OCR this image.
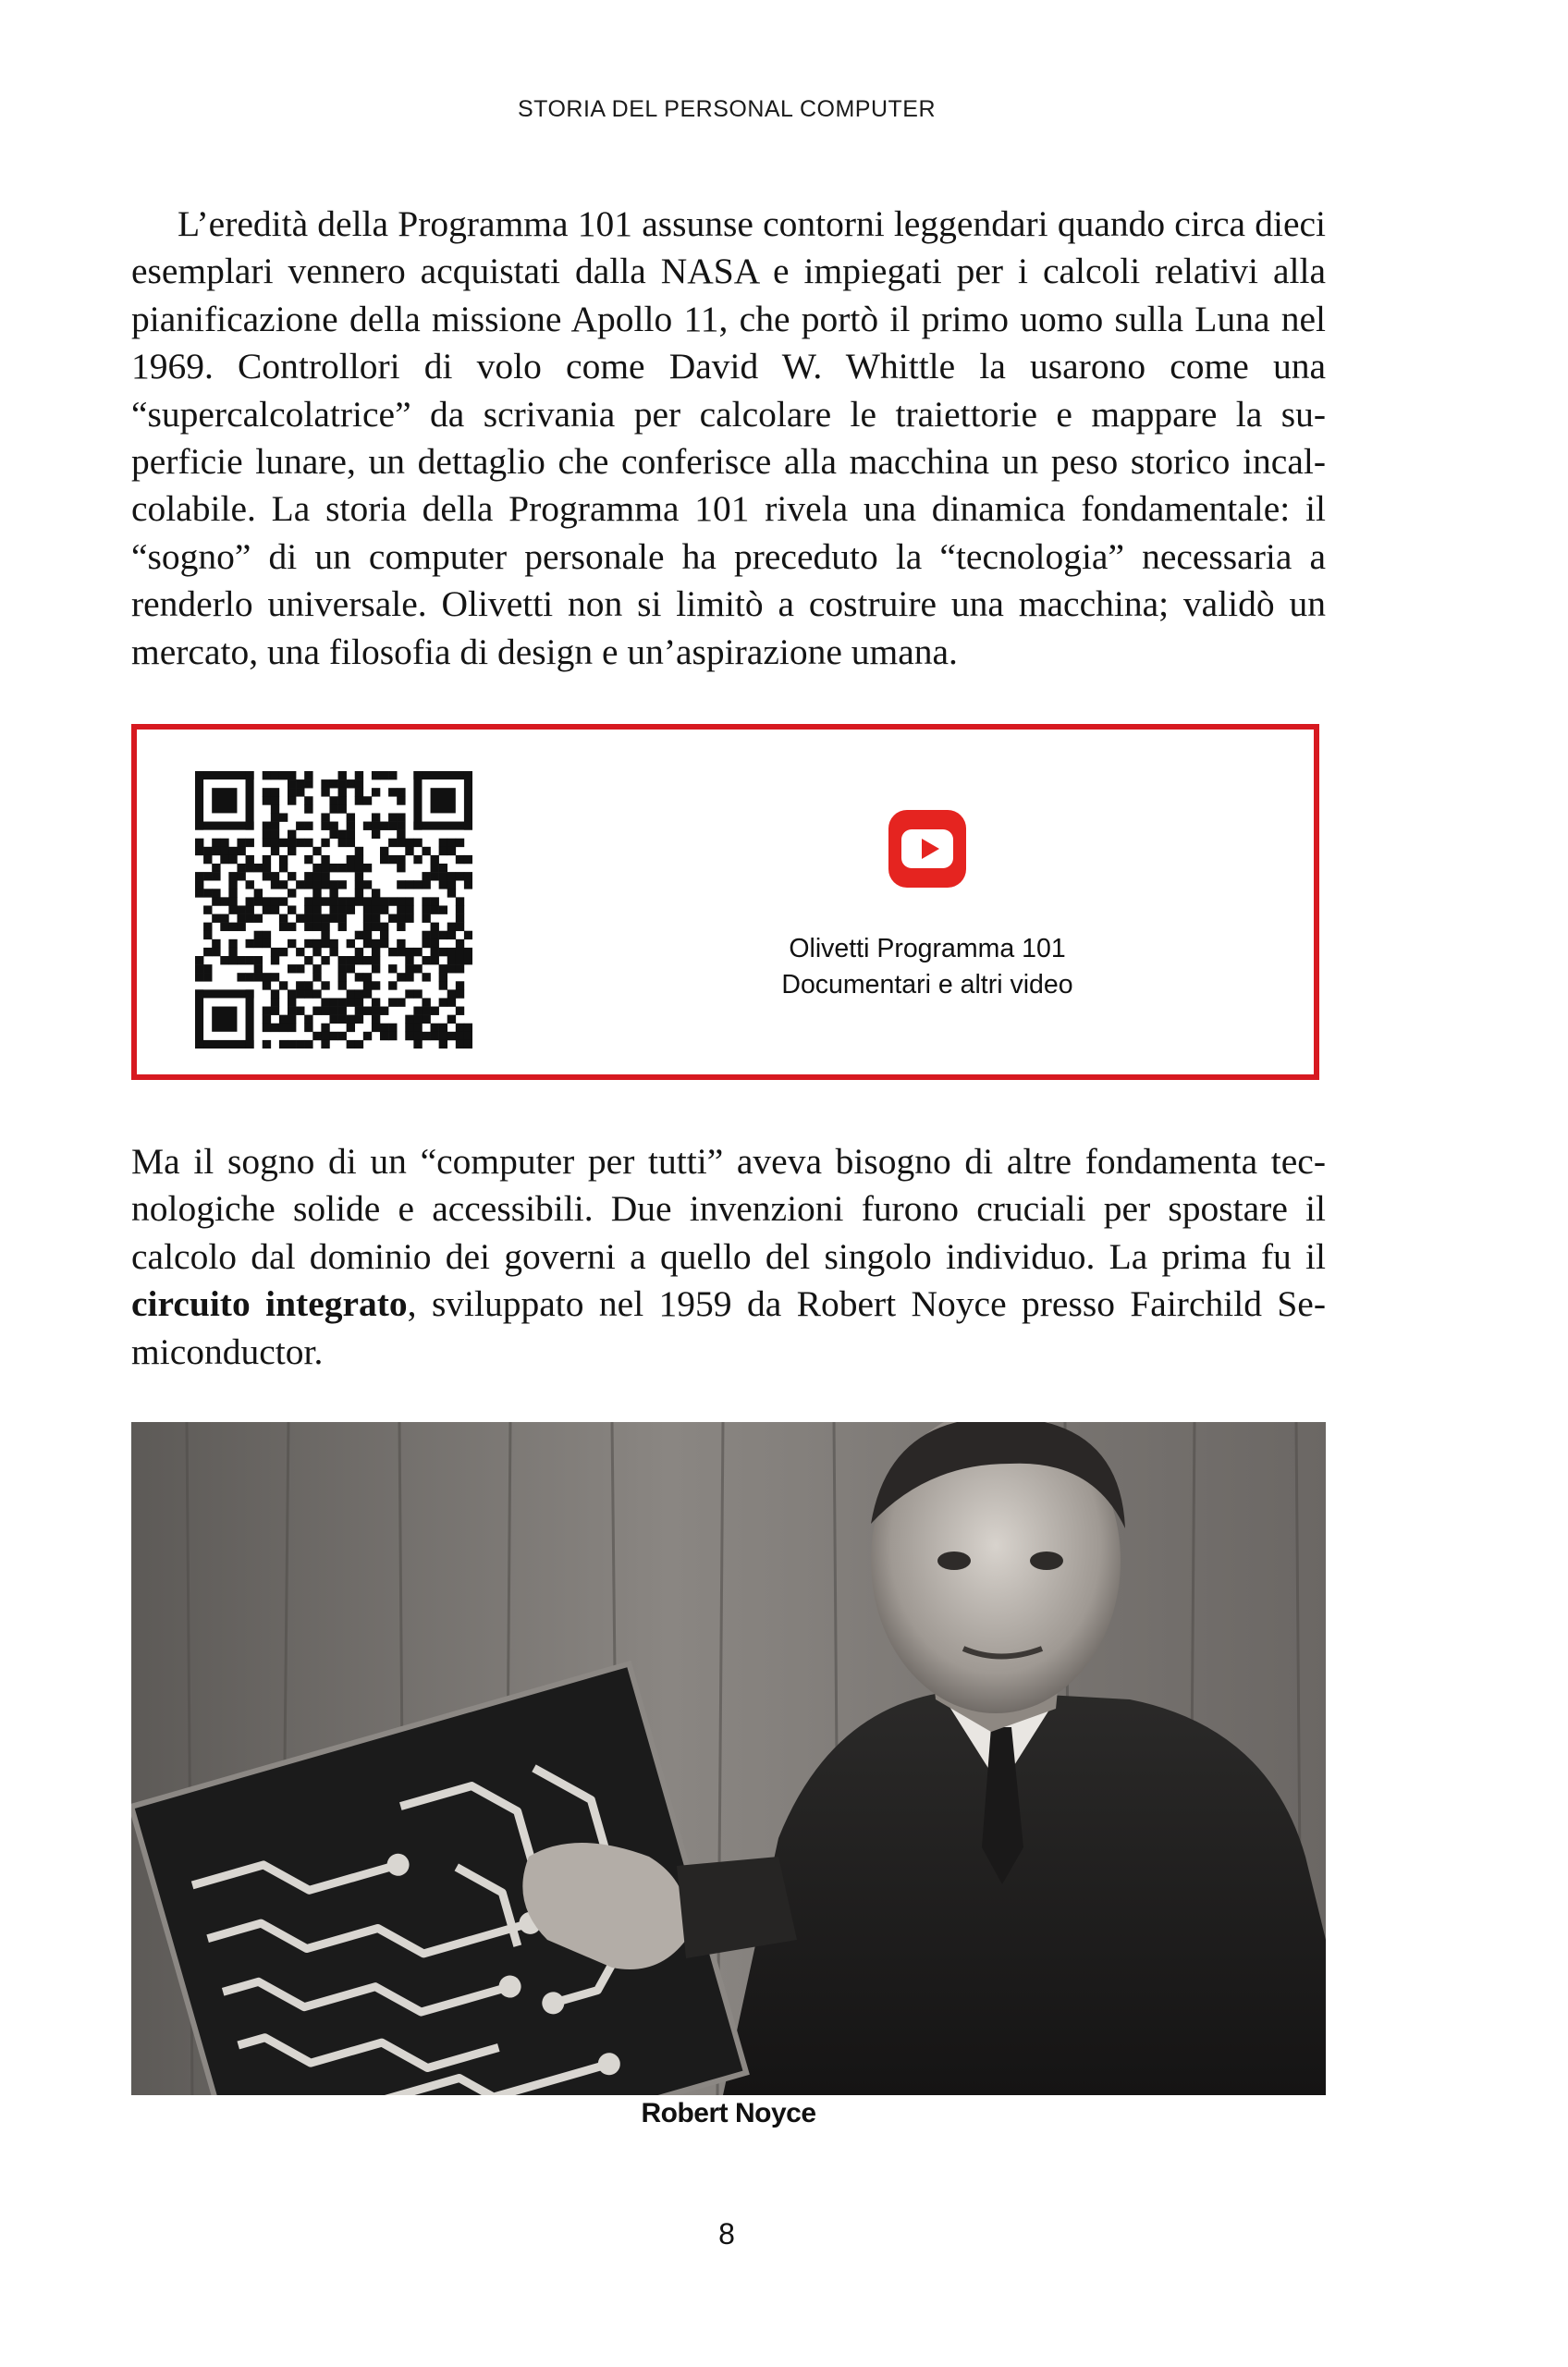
STORIA DEL PERSONAL COMPUTER

L’eredità della Programma 101 assunse contorni leggendari quando circa dieci esemplari vennero acquistati dalla NASA e impiegati per i calcoli relativi alla pianificazione della missione Apollo 11, che portò il primo uomo sulla Luna nel 1969. Controllori di volo come David W. Whittle la usarono come una “supercalcolatrice” da scrivania per calcolare le traiettorie e mappare la superficie lunare, un dettaglio che conferisce alla macchina un peso storico incalcolabile. La storia della Programma 101 rivela una dinamica fondamentale: il “sogno” di un computer personale ha preceduto la “tecnologia” necessaria a renderlo universale. Olivetti non si limitò a costruire una macchina; validò un mercato, una filosofia di design e un’aspirazione umana.

Olivetti Programma 101
Documentari e altri video

Ma il sogno di un “computer per tutti” aveva bisogno di altre fondamenta tecnologiche solide e accessibili. Due invenzioni furono cruciali per spostare il calcolo dal dominio dei governi a quello del singolo individuo. La prima fu il circuito integrato, sviluppato nel 1959 da Robert Noyce presso Fairchild Semiconductor.

Robert Noyce
8
